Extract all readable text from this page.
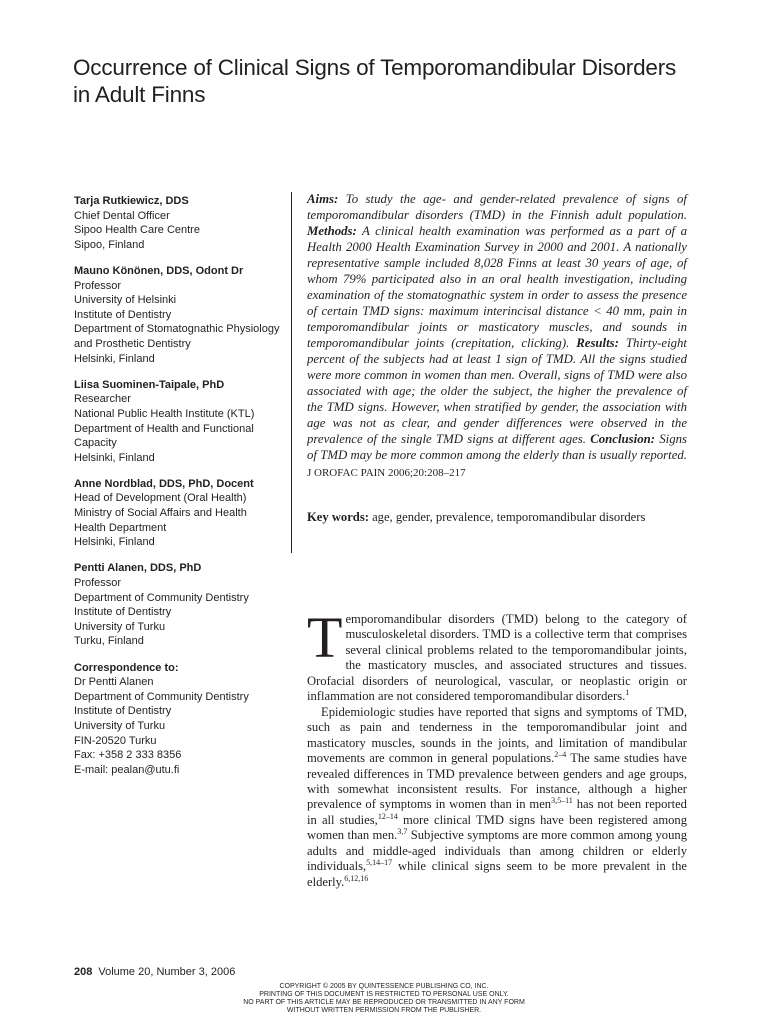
Occurrence of Clinical Signs of Temporomandibular Disorders in Adult Finns
Tarja Rutkiewicz, DDS
Chief Dental Officer
Sipoo Health Care Centre
Sipoo, Finland
Mauno Könönen, DDS, Odont Dr
Professor
University of Helsinki
Institute of Dentistry
Department of Stomatognathic Physiology and Prosthetic Dentistry
Helsinki, Finland
Liisa Suominen-Taipale, PhD
Researcher
National Public Health Institute (KTL)
Department of Health and Functional Capacity
Helsinki, Finland
Anne Nordblad, DDS, PhD, Docent
Head of Development (Oral Health)
Ministry of Social Affairs and Health
Health Department
Helsinki, Finland
Pentti Alanen, DDS, PhD
Professor
Department of Community Dentistry
Institute of Dentistry
University of Turku
Turku, Finland
Correspondence to:
Dr Pentti Alanen
Department of Community Dentistry
Institute of Dentistry
University of Turku
FIN-20520 Turku
Fax: +358 2 333 8356
E-mail: pealan@utu.fi

Aims: To study the age- and gender-related prevalence of signs of temporomandibular disorders (TMD) in the Finnish adult population. Methods: A clinical health examination was performed as a part of a Health 2000 Health Examination Survey in 2000 and 2001. A nationally representative sample included 8,028 Finns at least 30 years of age, of whom 79% participated also in an oral health investigation, including examination of the stomatognathic system in order to assess the presence of certain TMD signs: maximum interincisal distance < 40 mm, pain in temporomandibular joints or masticatory muscles, and sounds in temporomandibular joints (crepitation, clicking). Results: Thirty-eight percent of the subjects had at least 1 sign of TMD. All the signs studied were more common in women than men. Overall, signs of TMD were also associated with age; the older the subject, the higher the prevalence of the TMD signs. However, when stratified by gender, the association with age was not as clear, and gender differences were observed in the prevalence of the single TMD signs at different ages. Conclusion: Signs of TMD may be more common among the elderly than is usually reported. J OROFAC PAIN 2006;20:208–217

Key words: age, gender, prevalence, temporomandibular disorders

Temporomandibular disorders (TMD) belong to the category of musculoskeletal disorders. TMD is a collective term that comprises several clinical problems related to the temporomandibular joints, the masticatory muscles, and associated structures and tissues. Orofacial disorders of neurological, vascular, or neoplastic origin or inflammation are not considered temporomandibular disorders.$^1$

Epidemiologic studies have reported that signs and symptoms of TMD, such as pain and tenderness in the temporomandibular joint and masticatory muscles, sounds in the joints, and limitation of mandibular movements are common in general populations.$^{2-4}$ The same studies have revealed differences in TMD prevalence between genders and age groups, with somewhat inconsistent results. For instance, although a higher prevalence of symptoms in women than in men$^{3,5-11}$ has not been reported in all studies,$^{12-14}$ more clinical TMD signs have been registered among women than men.$^{3,7}$ Subjective symptoms are more common among young adults and middle-aged individuals than among children or elderly individuals,$^{5,14-17}$ while clinical signs seem to be more prevalent in the elderly.$^{6,12,16}$

208 Volume 20, Number 3, 2006
COPYRIGHT © 2005 BY QUINTESSENCE PUBLISHING CO, INC.
PRINTING OF THIS DOCUMENT IS RESTRICTED TO PERSONAL USE ONLY.
NO PART OF THIS ARTICLE MAY BE REPRODUCED OR TRANSMITTED IN ANY FORM
WITHOUT WRITTEN PERMISSION FROM THE PUBLISHER.
